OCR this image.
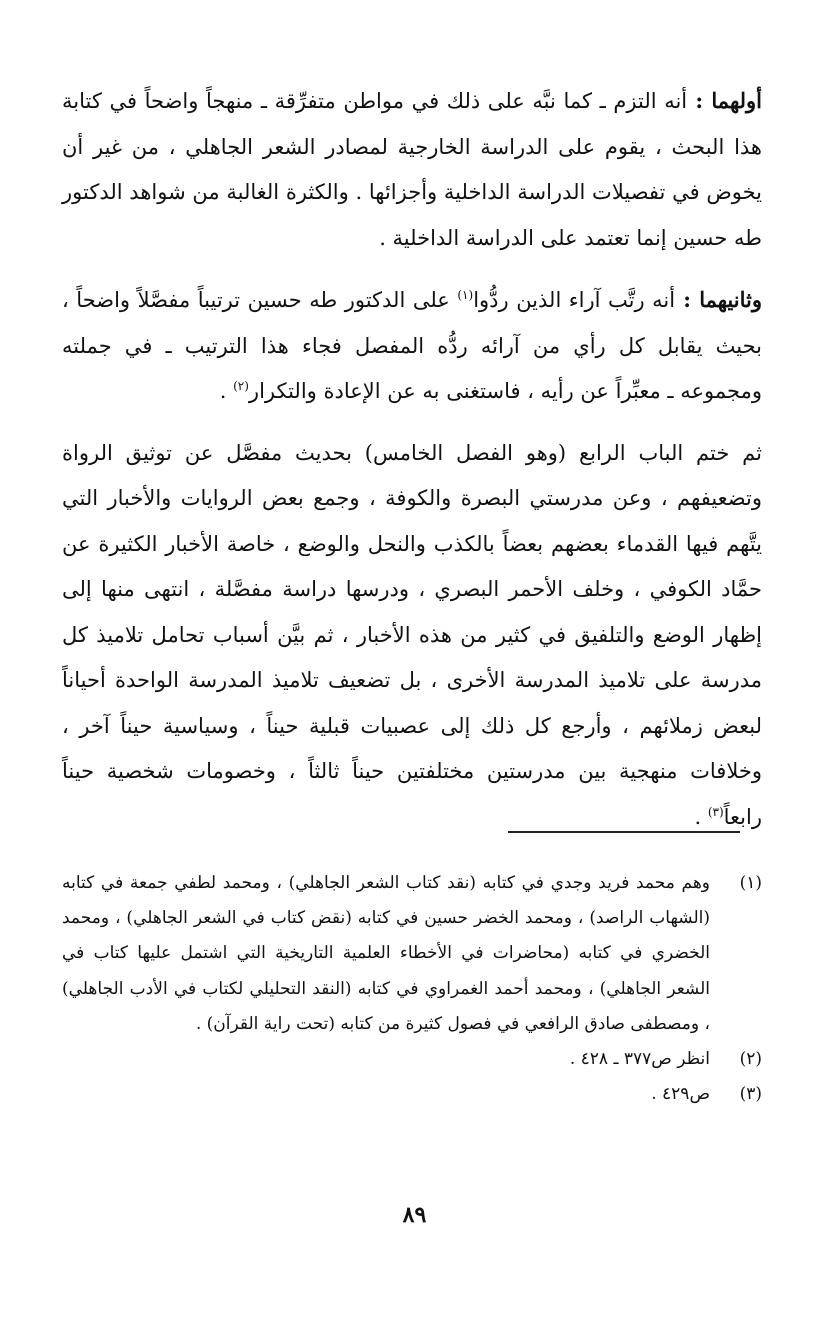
أولهما : أنه التزم ـ كما نبَّه على ذلك في مواطن متفرِّقة ـ منهجاً واضحاً في كتابة هذا البحث ، يقوم على الدراسة الخارجية لمصادر الشعر الجاهلي ، من غير أن يخوض في تفصيلات الدراسة الداخلية وأجزائها . والكثرة الغالبة من شواهد الدكتور طه حسين إنما تعتمد على الدراسة الداخلية .

وثانيهما : أنه رتَّب آراء الذين ردُّوا$^{(١)}$ على الدكتور طه حسين ترتيباً مفصَّلاً واضحاً ، بحيث يقابل كل رأي من آرائه ردُّه المفصل فجاء هذا الترتيب ـ في جملته ومجموعه ـ معبِّراً عن رأيه ، فاستغنى به عن الإعادة والتكرار$^{(٢)}$ .

ثم ختم الباب الرابع (وهو الفصل الخامس) بحديث مفصَّل عن توثيق الرواة وتضعيفهم ، وعن مدرستي البصرة والكوفة ، وجمع بعض الروايات والأخبار التي يتَّهم فيها القدماء بعضهم بعضاً بالكذب والنحل والوضع ، خاصة الأخبار الكثيرة عن حمَّاد الكوفي ، وخلف الأحمر البصري ، ودرسها دراسة مفصَّلة ، انتهى منها إلى إظهار الوضع والتلفيق في كثير من هذه الأخبار ، ثم بيَّن أسباب تحامل تلاميذ كل مدرسة على تلاميذ المدرسة الأخرى ، بل تضعيف تلاميذ المدرسة الواحدة أحياناً لبعض زملائهم ، وأرجع كل ذلك إلى عصبيات قبلية حيناً ، وسياسية حيناً آخر ، وخلافات منهجية بين مدرستين مختلفتين حيناً ثالثاً ، وخصومات شخصية حيناً رابعاً$^{(٣)}$ .

(١)
وهم محمد فريد وجدي في كتابه (نقد كتاب الشعر الجاهلي) ، ومحمد لطفي جمعة في كتابه (الشهاب الراصد) ، ومحمد الخضر حسين في كتابه (نقض كتاب في الشعر الجاهلي) ، ومحمد الخضري في كتابه (محاضرات في الأخطاء العلمية التاريخية التي اشتمل عليها كتاب في الشعر الجاهلي) ، ومحمد أحمد الغمراوي في كتابه (النقد التحليلي لكتاب في الأدب الجاهلي) ، ومصطفى صادق الرافعي في فصول كثيرة من كتابه (تحت راية القرآن) .
(٢)
انظر ص٣٧٧ ـ ٤٢٨ .
(٣)
ص٤٢٩ .
٨٩
